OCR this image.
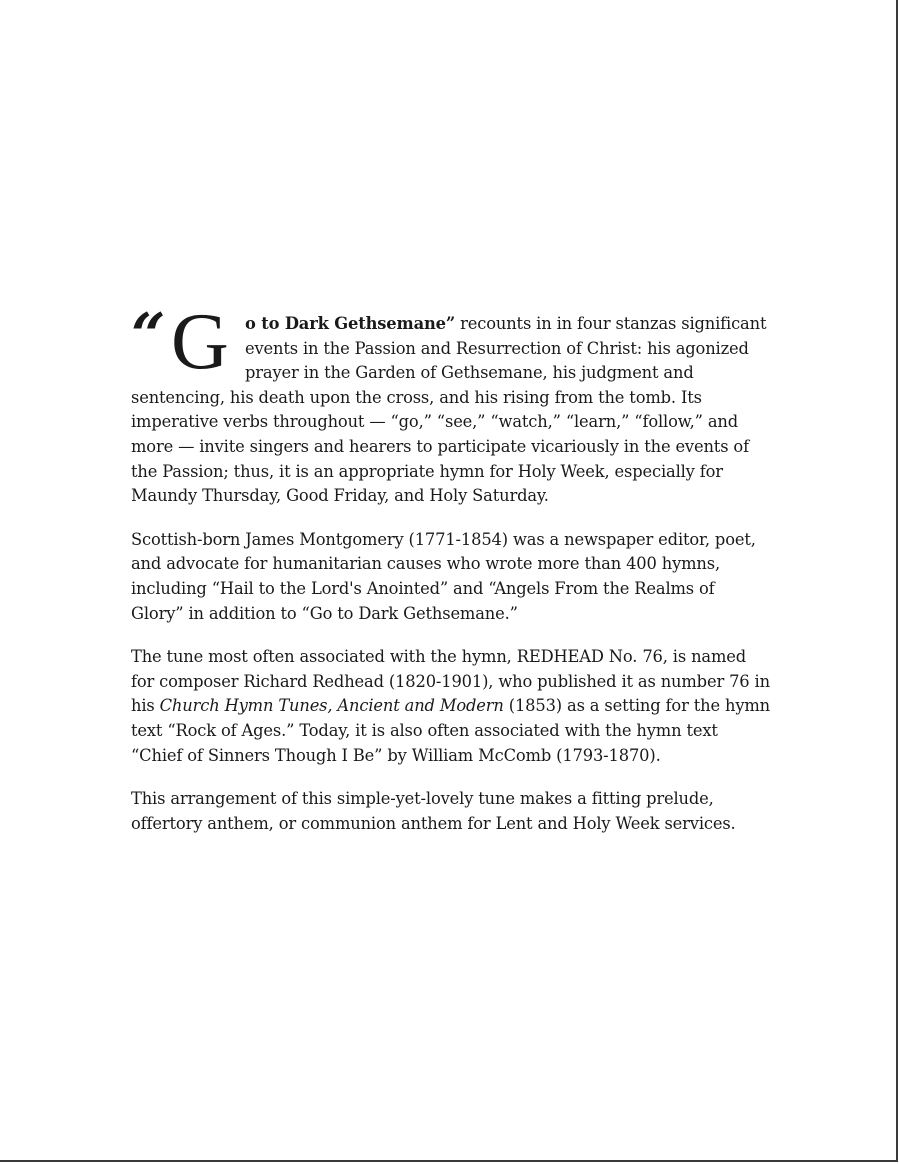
“ G o to Dark Gethsemane” recounts in in four stanzas significant events in the Passion and Resurrection of Christ: his agonized prayer in the Garden of Gethsemane, his judgment and sentencing, his death upon the cross, and his rising from the tomb. Its imperative verbs throughout — “go,” “see,” “watch,” “learn,” “follow,” and more — invite singers and hearers to participate vicariously in the events of the Passion; thus, it is an appropriate hymn for Holy Week, especially for Maundy Thursday, Good Friday, and Holy Saturday.

Scottish-born James Montgomery (1771-1854) was a newspaper editor, poet, and advocate for humanitarian causes who wrote more than 400 hymns, including “Hail to the Lord's Anointed” and “Angels From the Realms of Glory” in addition to “Go to Dark Gethsemane.”

The tune most often associated with the hymn, REDHEAD No. 76, is named for composer Richard Redhead (1820-1901), who published it as number 76 in his Church Hymn Tunes, Ancient and Modern (1853) as a setting for the hymn text “Rock of Ages.” Today, it is also often associated with the hymn text “Chief of Sinners Though I Be” by William McComb (1793-1870).

This arrangement of this simple-yet-lovely tune makes a fitting prelude, offertory anthem, or communion anthem for Lent and Holy Week services.
